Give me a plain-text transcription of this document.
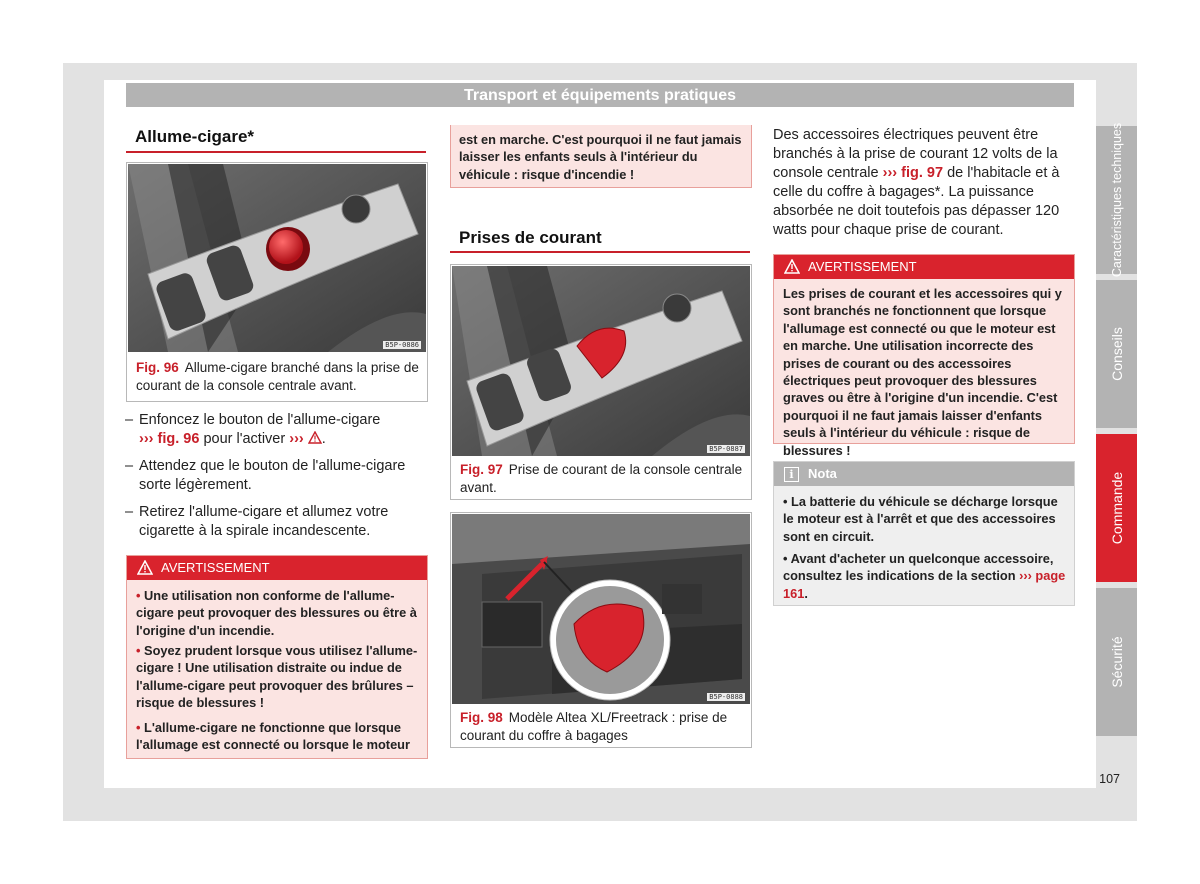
Transport et équipements pratiques
Allume-cigare*
B5P-0886
Fig. 96 Allume-cigare branché dans la prise de courant de la console centrale avant.
– Enfoncez le bouton de l'allume-cigare
››› fig. 96 pour l'activer ››› .
– Attendez que le bouton de l'allume-cigare sorte légèrement.
– Retirez l'allume-cigare et allumez votre cigarette à la spirale incandescente.
AVERTISSEMENT
• Une utilisation non conforme de l'allume-cigare peut provoquer des blessures ou être à l'origine d'un incendie.
• Soyez prudent lorsque vous utilisez l'allume-cigare ! Une utilisation distraite ou indue de l'allume-cigare peut provoquer des brûlures – risque de blessures !
• L'allume-cigare ne fonctionne que lorsque l'allumage est connecté ou lorsque le moteur
est en marche. C'est pourquoi il ne faut jamais laisser les enfants seuls à l'intérieur du véhicule : risque d'incendie !
Prises de courant
B5P-0887
Fig. 97 Prise de courant de la console centrale avant.
B5P-0888
Fig. 98 Modèle Altea XL/Freetrack : prise de courant du coffre à bagages
Des accessoires électriques peuvent être branchés à la prise de courant 12 volts de la console centrale ››› fig. 97 de l'habitacle et à celle du coffre à bagages*. La puissance absorbée ne doit toutefois pas dépasser 120 watts pour chaque prise de courant.
AVERTISSEMENT
Les prises de courant et les accessoires qui y sont branchés ne fonctionnent que lorsque l'allumage est connecté ou que le moteur est en marche. Une utilisation incorrecte des prises de courant ou des accessoires électriques peut provoquer des blessures graves ou être à l'origine d'un incendie. C'est pourquoi il ne faut jamais laisser d'enfants seuls à l'intérieur du véhicule : risque de blessures !
i	Nota
• La batterie du véhicule se décharge lorsque le moteur est à l'arrêt et que des accessoires sont en circuit.
• Avant d'acheter un quelconque accessoire, consultez les indications de la section ››› page 161.
Caractéristiques techniques
Conseils
Commande
Sécurité
107
